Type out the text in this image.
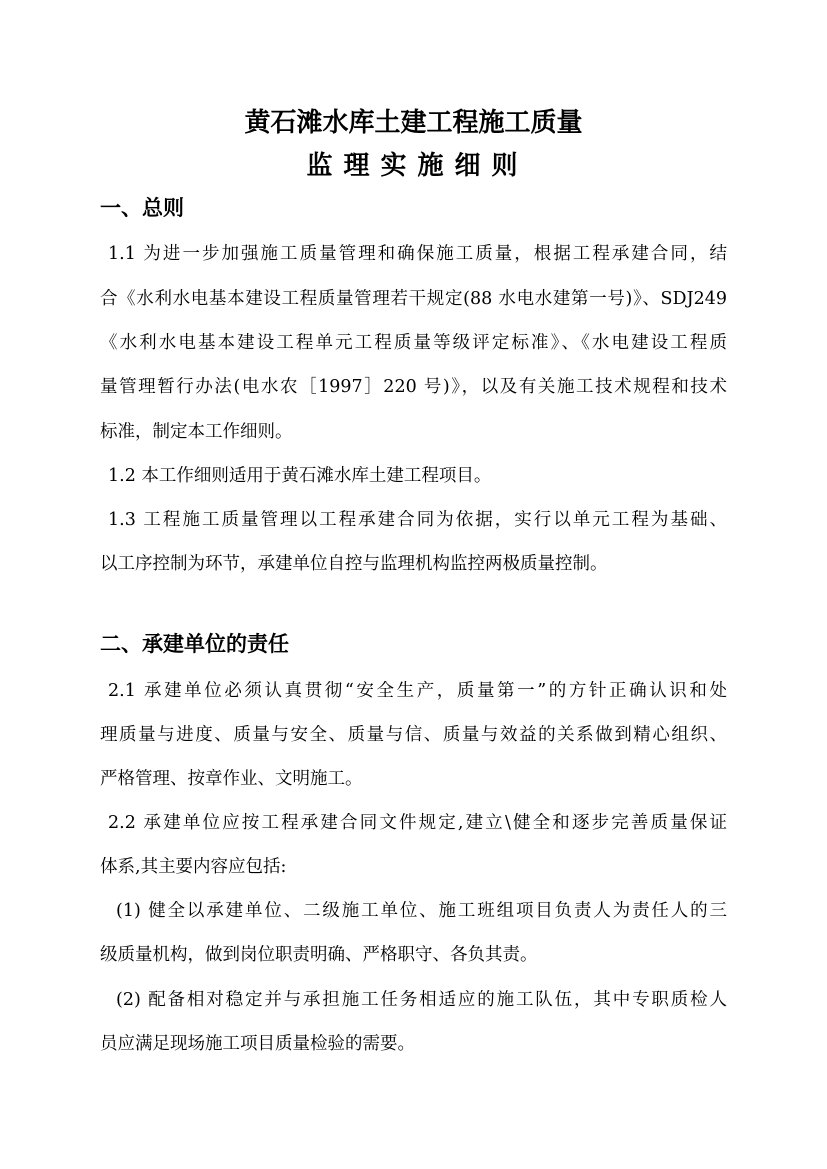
黄石滩水库土建工程施工质量
监理实施细则
一、总则
1.1 为进一步加强施工质量管理和确保施工质量，根据工程承建合同，结
合《水利水电基本建设工程质量管理若干规定(88 水电水建第一号)》、SDJ249
《水利水电基本建设工程单元工程质量等级评定标准》、《水电建设工程质
量管理暂行办法(电水农［1997］220 号)》，以及有关施工技术规程和技术
标准，制定本工作细则。
1.2 本工作细则适用于黄石滩水库土建工程项目。
1.3 工程施工质量管理以工程承建合同为依据，实行以单元工程为基础、
以工序控制为环节，承建单位自控与监理机构监控两极质量控制。
二、承建单位的责任
2.1 承建单位必须认真贯彻“安全生产，质量第一”的方针正确认识和处
理质量与进度、质量与安全、质量与信、质量与效益的关系做到精心组织、
严格管理、按章作业、文明施工。
2.2 承建单位应按工程承建合同文件规定,建立\健全和逐步完善质量保证
体系,其主要内容应包括:
(1) 健全以承建单位、二级施工单位、施工班组项目负责人为责任人的三
级质量机构，做到岗位职责明确、严格职守、各负其责。
(2) 配备相对稳定并与承担施工任务相适应的施工队伍，其中专职质检人
员应满足现场施工项目质量检验的需要。
